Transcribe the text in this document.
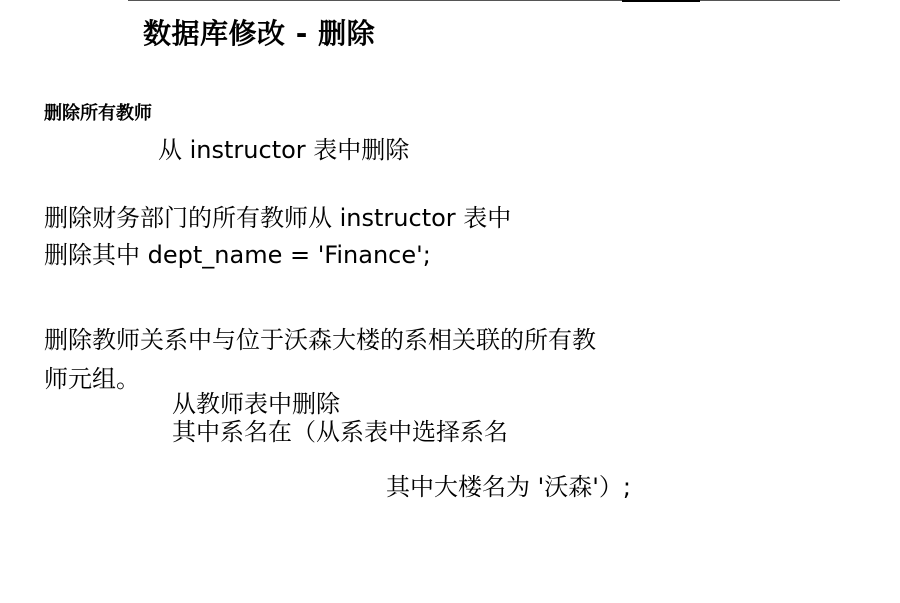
数据库修改 - 删除
删除所有教师
从 instructor 表中删除
删除财务部门的所有教师从 instructor 表中
删除其中 dept_name = 'Finance';
删除教师关系中与位于沃森大楼的系相关联的所有教
师元组。
从教师表中删除
其中系名在（从系表中选择系名
其中大楼名为 '沃森'）;
